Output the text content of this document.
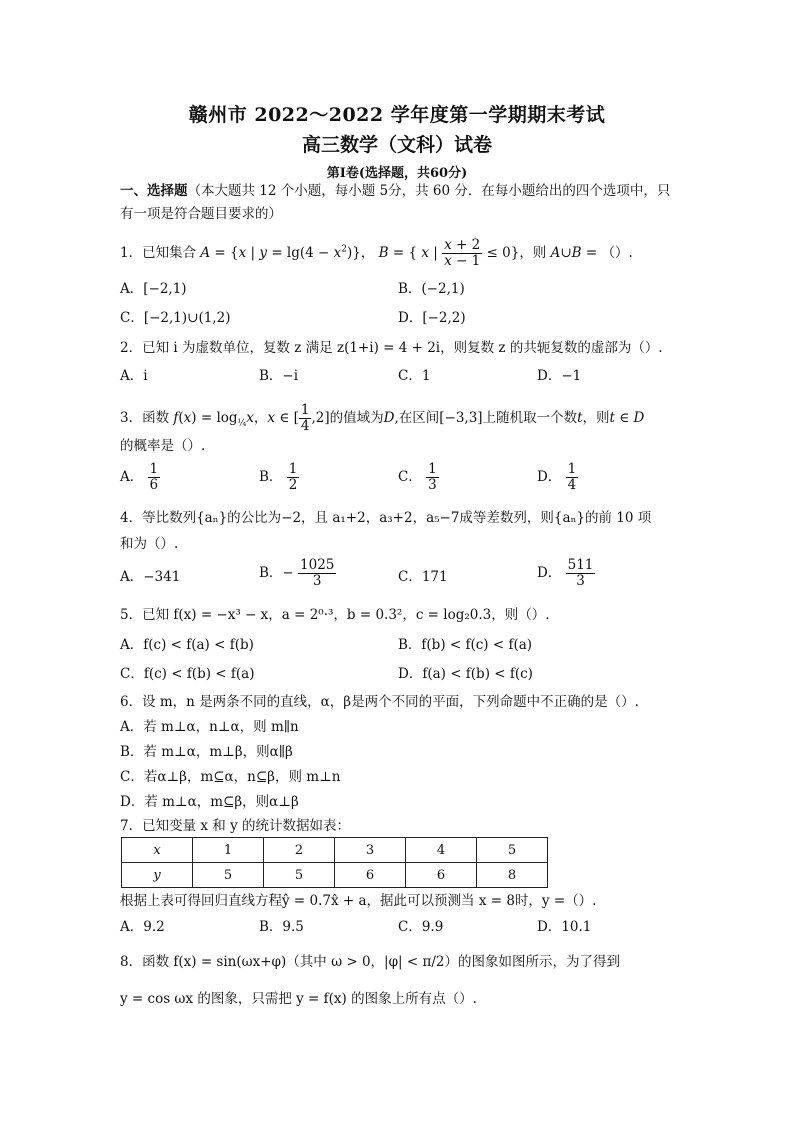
赣州市 2022～2022 学年度第一学期期末考试
高三数学（文科）试卷
第Ⅰ卷(选择题，共60分)
一、选择题（本大题共 12 个小题，每小题 5分，共 60 分．在每小题给出的四个选项中，只
有一项是符合题目要求的）
1．已知集合 A = {x | $y = \lg(4 - x^2)$}， B = { x | $\frac{x + 2}{x - 1} \le 0$}，则 A∪B = （）.
A．[−2,1)	B．(−2,1)
C．[−2,1)∪(1,2)	D．[−2,2)
2．已知 i 为虚数单位，复数 z 满足 z(1+i) = 4 + 2i，则复数 z 的共轭复数的虚部为（）.
A．i	B．−i	C．1	D．−1
3．函数 $f(x) = \log_{\frac{1}{4}}x$，x ∈ [ $\frac{1}{4} ,2$]的值域为D,在区间[−3,3]上随机取一个数t，则t ∈ D
的概率是（）.
A． $\frac{1}{6}$	B． $\frac{1}{2}$	C． $\frac{1}{3}$	D． $\frac{1}{4}$
4．等比数列{aₙ}的公比为−2，且 a₁+2，a₃+2，a₅−7成等差数列，则{aₙ}的前 10 项
和为（）.
A．−341	B．− $\frac{1025}{3}$	C．171	D． $\frac{511}{3}$
5．已知 f(x) = −x³ − x，a = 2⁰·³，b = 0.3²，c = log₂0.3，则（）.
A．f(c) < f(a) < f(b)	B．f(b) < f(c) < f(a)
C．f(c) < f(b) < f(a)	D．f(a) < f(b) < f(c)
6．设 m，n 是两条不同的直线，α，β是两个不同的平面，下列命题中不正确的是（）.
A．若 m⊥α，n⊥α，则 m∥n
B．若 m⊥α，m⊥β，则α∥β
C．若α⊥β，m⊆α，n⊆β，则 m⊥n
D．若 m⊥α，m⊆β，则α⊥β
7．已知变量 x 和 y 的统计数据如表：
x	1	2	3	4	5
y	5	5	6	6	8
根据上表可得回归直线方程ŷ = 0.7x̂ + a，据此可以预测当 x = 8时，y =（）.
A．9.2	B．9.5	C．9.9	D．10.1
8．函数 f(x) = sin(ωx+φ)（其中 ω > 0，|φ| < π/2）的图象如图所示，为了得到
y = cos ωx 的图象，只需把 y = f(x) 的图象上所有点（）.
